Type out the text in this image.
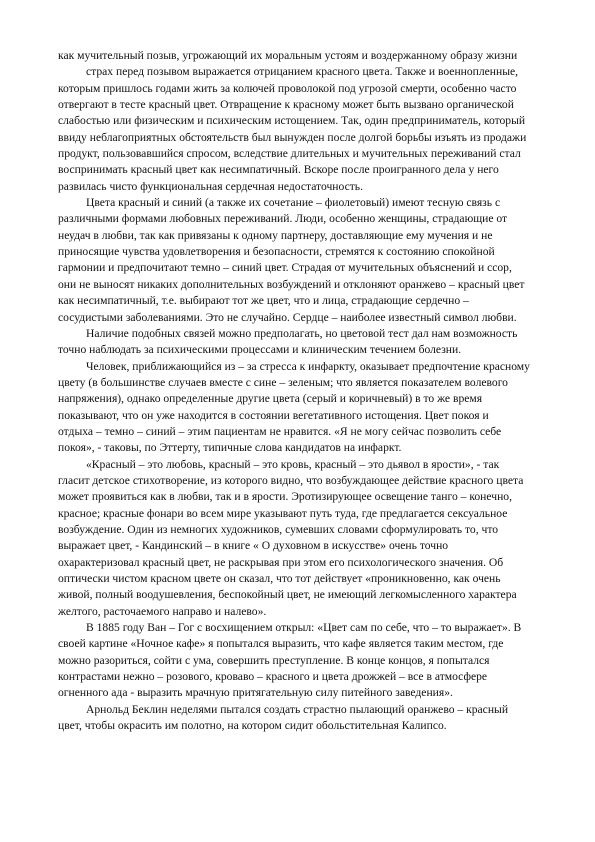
как мучительный позыв, угрожающий их моральным устоям и воздержанному образу жизни
страх перед позывом выражается отрицанием красного цвета. Также и военнопленные,
которым пришлось годами жить за колючей проволокой под угрозой смерти, особенно часто
отвергают в тесте красный цвет. Отвращение к красному может быть вызвано органической
слабостью или физическим и психическим истощением. Так, один предприниматель, который
ввиду неблагоприятных обстоятельств был вынужден после долгой борьбы изъять из продажи
продукт, пользовавшийся спросом, вследствие длительных и мучительных переживаний стал
воспринимать красный цвет как несимпатичный. Вскоре после проигранного дела у него
развилась чисто функциональная сердечная недостаточность.
Цвета красный и синий (а также их сочетание – фиолетовый) имеют тесную связь с
различными формами любовных переживаний. Люди, особенно женщины, страдающие от
неудач в любви, так как привязаны к одному партнеру, доставляющие ему мучения и не
приносящие чувства удовлетворения и безопасности, стремятся к состоянию спокойной
гармонии и предпочитают темно – синий цвет. Страдая от мучительных объяснений и ссор,
они не выносят никаких дополнительных возбуждений и отклоняют оранжево – красный цвет
как несимпатичный, т.е. выбирают тот же цвет, что и лица, страдающие сердечно –
сосудистыми заболеваниями. Это не случайно. Сердце – наиболее известный символ любви.
Наличие подобных связей можно предполагать, но цветовой тест дал нам возможность
точно наблюдать за психическими процессами и клиническим течением болезни.
Человек, приближающийся из – за стресса к инфаркту, оказывает предпочтение красному
цвету (в большинстве случаев вместе с сине – зеленым; что является показателем волевого
напряжения), однако определенные другие цвета (серый и коричневый) в то же время
показывают, что он уже находится в состоянии вегетативного истощения. Цвет покоя и
отдыха – темно – синий – этим пациентам не нравится. «Я не могу сейчас позволить себе
покоя», - таковы, по Эттерту, типичные слова кандидатов на инфаркт.
«Красный – это любовь, красный – это кровь, красный – это дьявол в ярости», - так
гласит детское стихотворение, из которого видно, что возбуждающее действие красного цвета
может проявиться как в любви, так и в ярости. Эротизирующее освещение танго – конечно,
красное; красные фонари во всем мире указывают путь туда, где предлагается сексуальное
возбуждение. Один из немногих художников, сумевших словами сформулировать то, что
выражает цвет, - Кандинский – в книге « О духовном в искусстве» очень точно
охарактеризовал красный цвет, не раскрывая при этом его психологического значения. Об
оптически чистом красном цвете он сказал, что тот действует «проникновенно, как очень
живой, полный воодушевления, беспокойный цвет, не имеющий легкомысленного характера
желтого, расточаемого направо и налево».
В 1885 году Ван – Гог с восхищением открыл: «Цвет сам по себе, что – то выражает». В
своей картине «Ночное кафе» я попытался выразить, что кафе является таким местом, где
можно разориться, сойти с ума, совершить преступление. В конце концов, я попытался
контрастами нежно – розового, кроваво – красного и цвета дрожжей – все в атмосфере
огненного ада - выразить мрачную притягательную силу питейного заведения».
Арнольд Беклин неделями пытался создать страстно пылающий оранжево – красный
цвет, чтобы окрасить им полотно, на котором сидит обольстительная Калипсо.
